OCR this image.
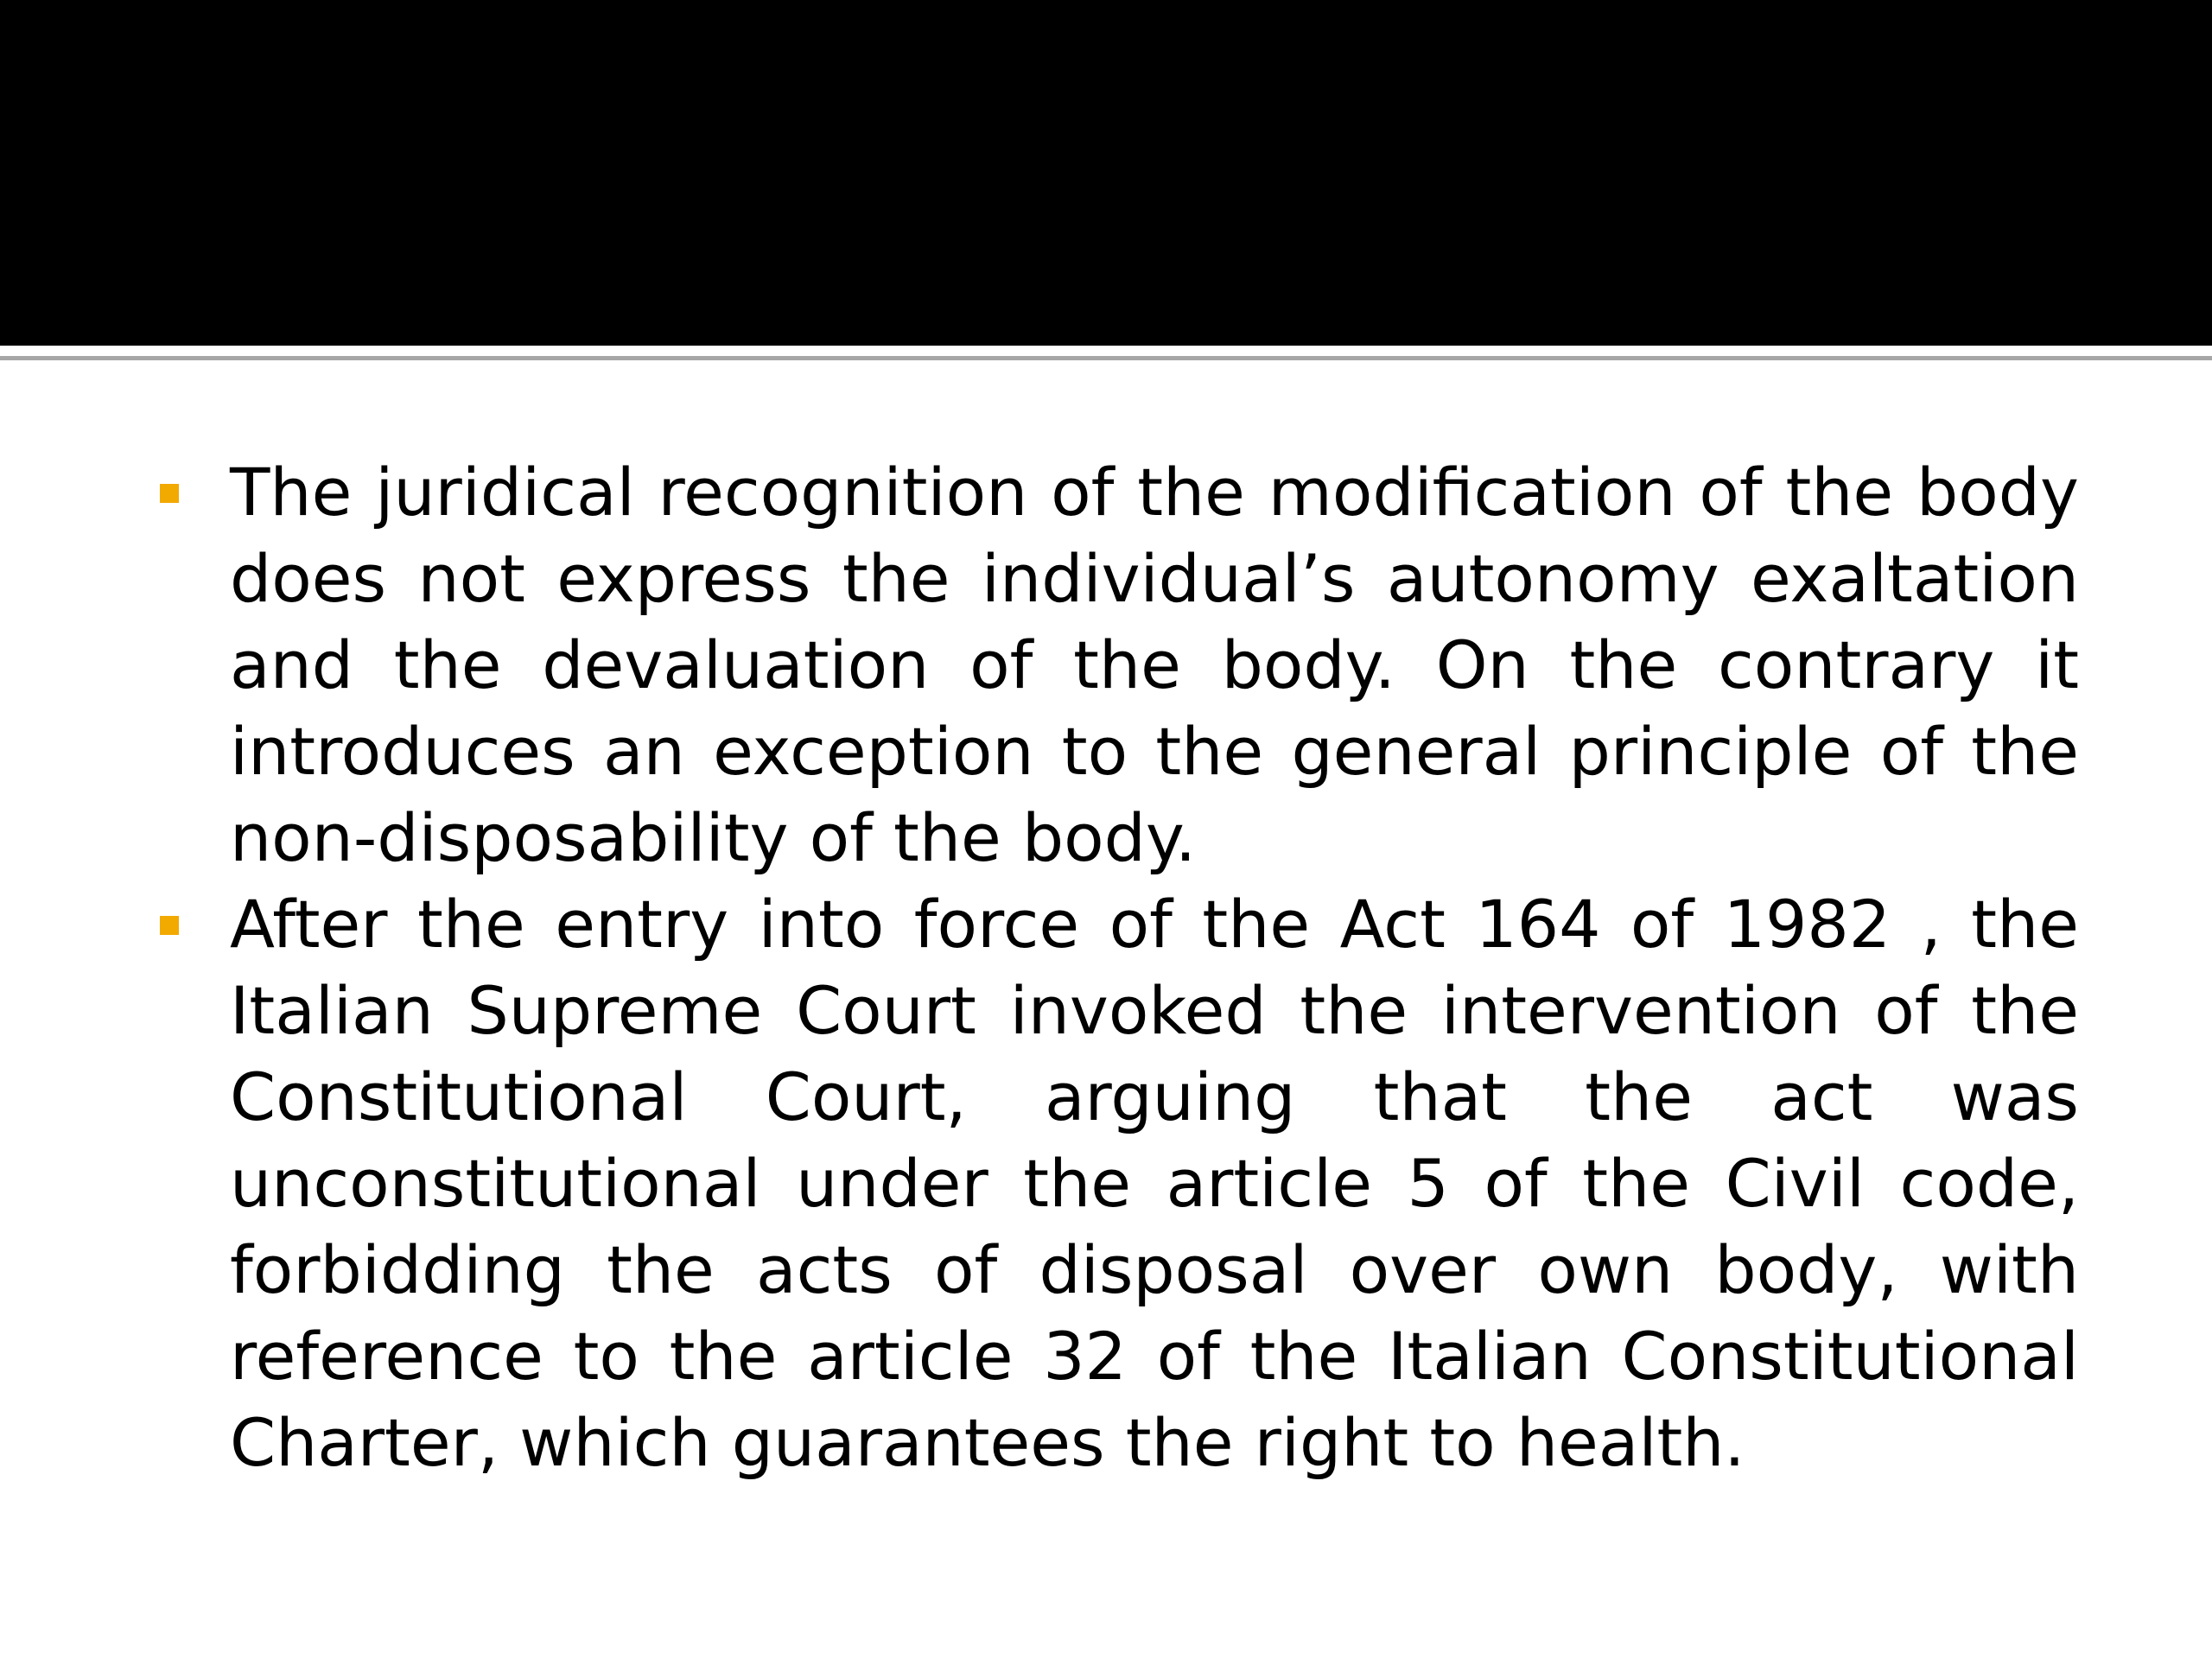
The juridical recognition of the modification of the body does not express the individual’s autonomy exaltation and the devaluation of the body. On the contrary it introduces an exception to the general principle of the non-disposability of the body.

After the entry into force of the Act 164 of 1982 , the Italian Supreme Court invoked the intervention of the Constitutional Court, arguing that the act was unconstitutional under the article 5 of the Civil code, forbidding the acts of disposal over own body, with reference to the article 32 of the Italian Constitutional Charter, which guarantees the right to health.
